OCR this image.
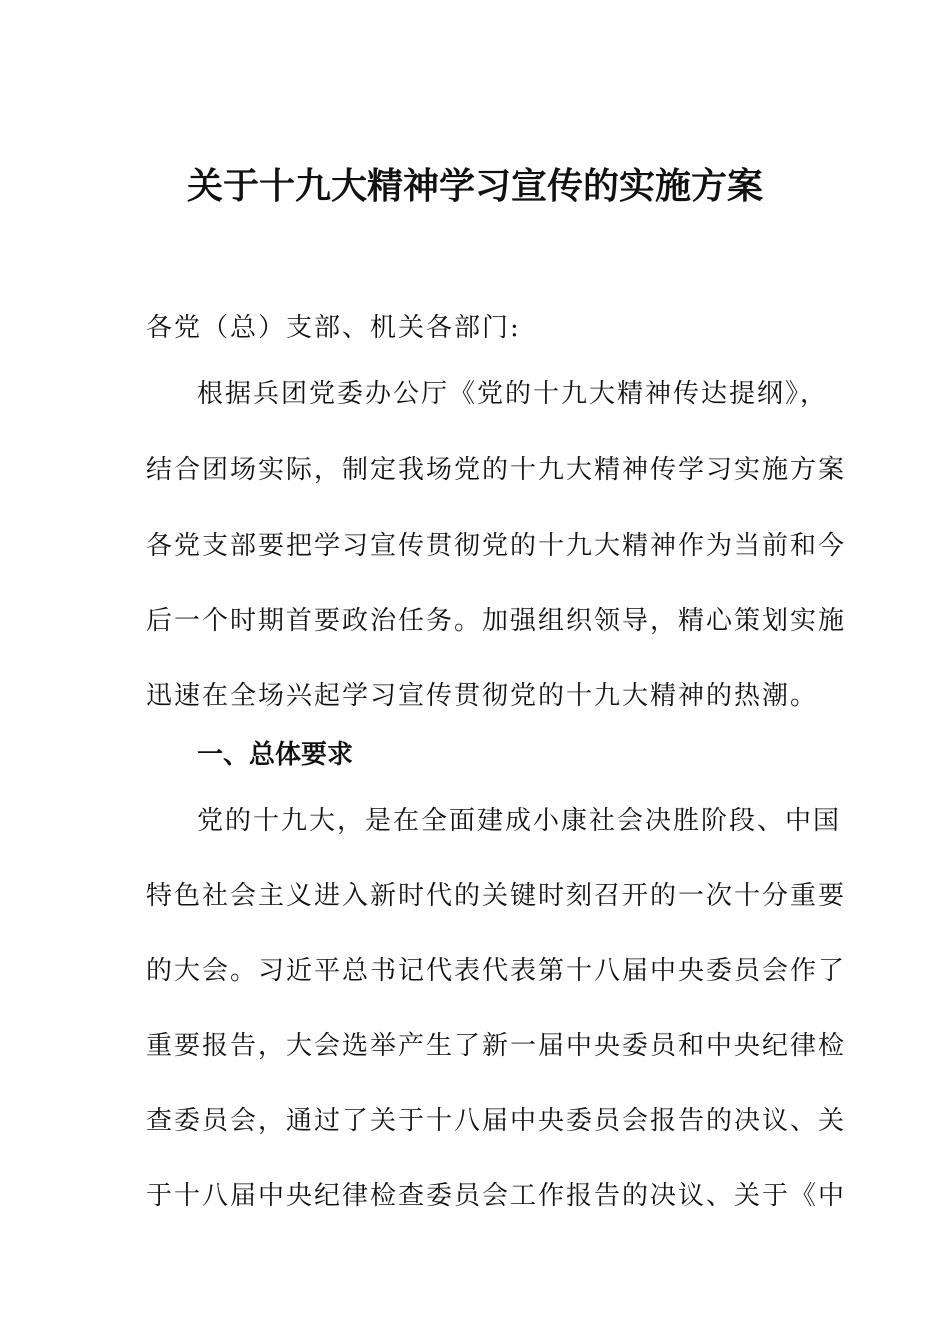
关于十九大精神学习宣传的实施方案
各党（总）支部、机关各部门:
根据兵团党委办公厅《党的十九大精神传达提纲》，
结合团场实际，制定我场党的十九大精神传学习实施方案
各党支部要把学习宣传贯彻党的十九大精神作为当前和今
后一个时期首要政治任务。加强组织领导，精心策划实施
迅速在全场兴起学习宣传贯彻党的十九大精神的热潮。
一、总体要求
党的十九大，是在全面建成小康社会决胜阶段、中国
特色社会主义进入新时代的关键时刻召开的一次十分重要
的大会。习近平总书记代表代表第十八届中央委员会作了
重要报告，大会选举产生了新一届中央委员和中央纪律检
查委员会，通过了关于十八届中央委员会报告的决议、关
于十八届中央纪律检查委员会工作报告的决议、关于《中
